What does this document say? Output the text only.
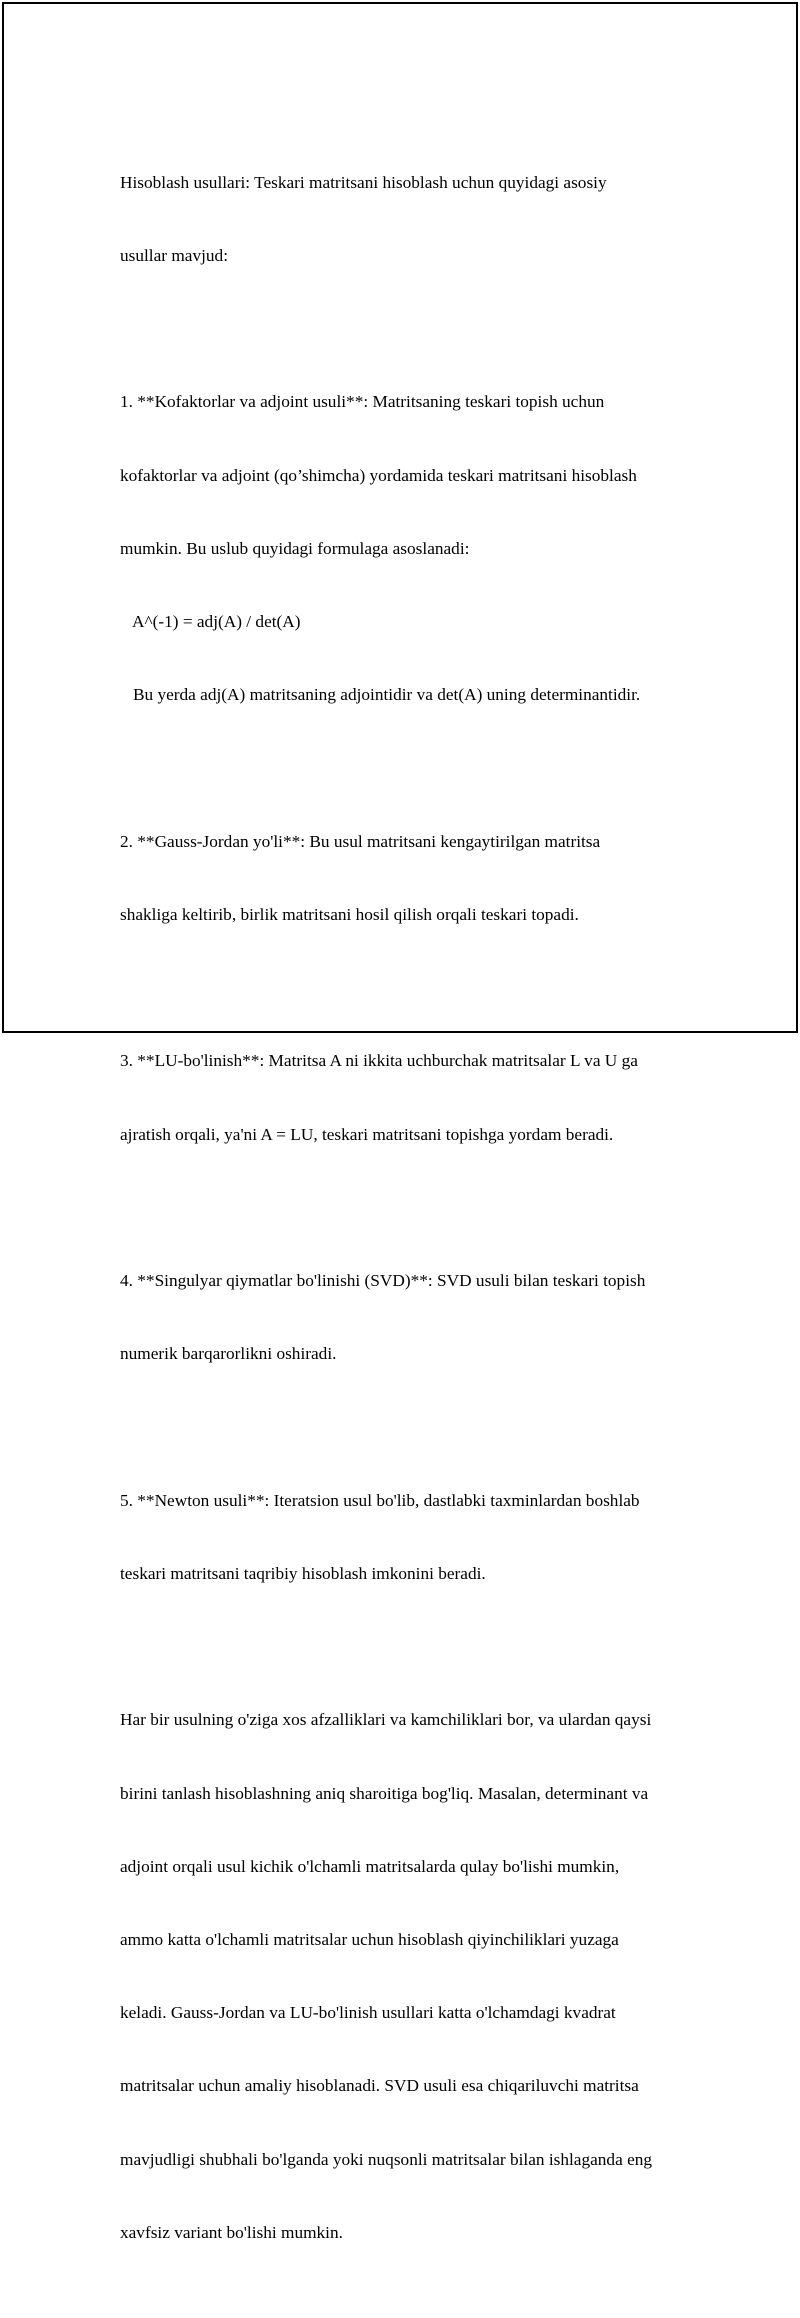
Hisoblash usullari: Teskari matritsani hisoblash uchun quyidagi asosiy

usullar mavjud:

1. **Kofaktorlar va adjoint usuli**: Matritsaning teskari topish uchun

kofaktorlar va adjoint (qo’shimcha) yordamida teskari matritsani hisoblash

mumkin. Bu uslub quyidagi formulaga asoslanadi:

A^(-1) = adj(A) / det(A)

Bu yerda adj(A) matritsaning adjointidir va det(A) uning determinantidir.

2. **Gauss-Jordan yo'li**: Bu usul matritsani kengaytirilgan matritsa

shakliga keltirib, birlik matritsani hosil qilish orqali teskari topadi.

3. **LU-bo'linish**: Matritsa A ni ikkita uchburchak matritsalar L va U ga

ajratish orqali, ya'ni A = LU, teskari matritsani topishga yordam beradi.

4. **Singulyar qiymatlar bo'linishi (SVD)**: SVD usuli bilan teskari topish

numerik barqarorlikni oshiradi.

5. **Newton usuli**: Iteratsion usul bo'lib, dastlabki taxminlardan boshlab

teskari matritsani taqribiy hisoblash imkonini beradi.

Har bir usulning o'ziga xos afzalliklari va kamchiliklari bor, va ulardan qaysi

birini tanlash hisoblashning aniq sharoitiga bog'liq. Masalan, determinant va

adjoint orqali usul kichik o'lchamli matritsalarda qulay bo'lishi mumkin,

ammo katta o'lchamli matritsalar uchun hisoblash qiyinchiliklari yuzaga

keladi. Gauss-Jordan va LU-bo'linish usullari katta o'lchamdagi kvadrat

matritsalar uchun amaliy hisoblanadi. SVD usuli esa chiqariluvchi matritsa

mavjudligi shubhali bo'lganda yoki nuqsonli matritsalar bilan ishlaganda eng

xavfsiz variant bo'lishi mumkin.
